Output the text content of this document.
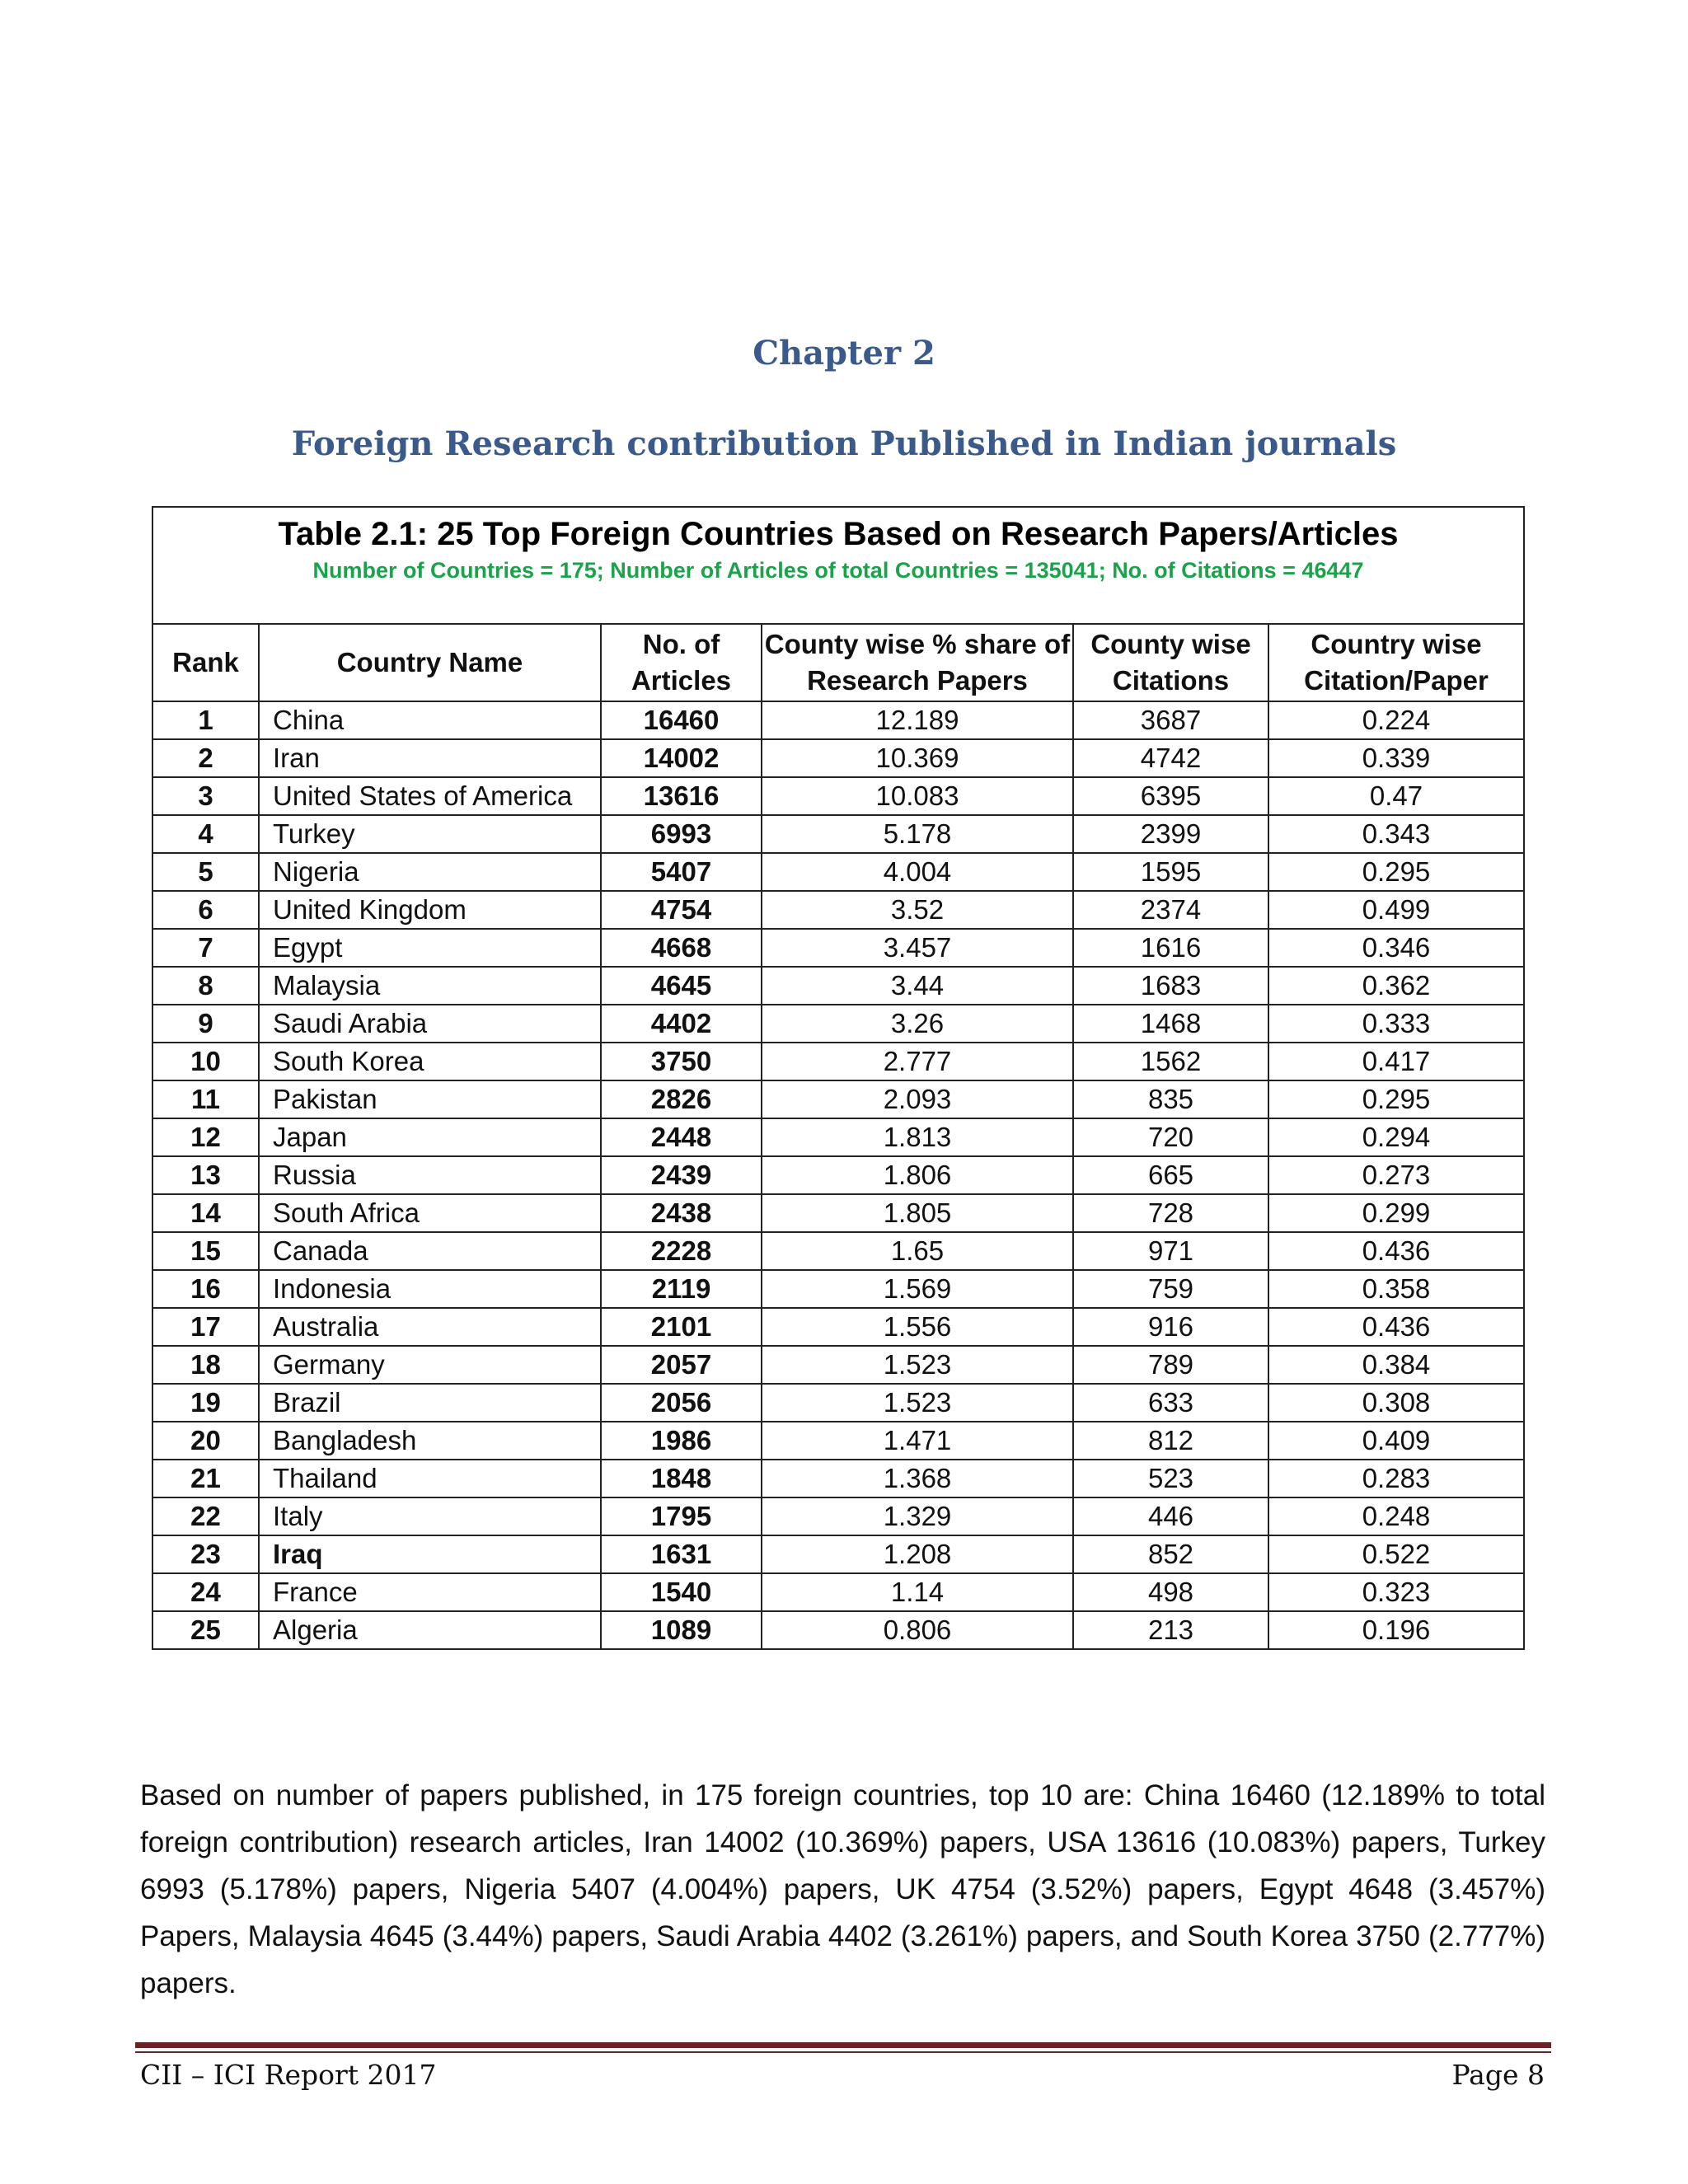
Chapter 2
Foreign Research contribution Published in Indian journals
Table 2.1: 25 Top Foreign Countries Based on Research Papers/Articles
Number of Countries = 175; Number of Articles of total Countries = 135041; No. of Citations = 46447
Rank	Country Name	No. of Articles	County wise % share of Research Papers	County wise Citations	Country wise Citation/Paper
1	China	16460	12.189	3687	0.224
2	Iran	14002	10.369	4742	0.339
3	United States of America	13616	10.083	6395	0.47
4	Turkey	6993	5.178	2399	0.343
5	Nigeria	5407	4.004	1595	0.295
6	United Kingdom	4754	3.52	2374	0.499
7	Egypt	4668	3.457	1616	0.346
8	Malaysia	4645	3.44	1683	0.362
9	Saudi Arabia	4402	3.26	1468	0.333
10	South Korea	3750	2.777	1562	0.417
11	Pakistan	2826	2.093	835	0.295
12	Japan	2448	1.813	720	0.294
13	Russia	2439	1.806	665	0.273
14	South Africa	2438	1.805	728	0.299
15	Canada	2228	1.65	971	0.436
16	Indonesia	2119	1.569	759	0.358
17	Australia	2101	1.556	916	0.436
18	Germany	2057	1.523	789	0.384
19	Brazil	2056	1.523	633	0.308
20	Bangladesh	1986	1.471	812	0.409
21	Thailand	1848	1.368	523	0.283
22	Italy	1795	1.329	446	0.248
23	Iraq	1631	1.208	852	0.522
24	France	1540	1.14	498	0.323
25	Algeria	1089	0.806	213	0.196
Based on number of papers published, in 175 foreign countries, top 10 are: China 16460 (12.189% to total foreign contribution) research articles, Iran 14002 (10.369%) papers, USA 13616 (10.083%) papers, Turkey 6993 (5.178%) papers, Nigeria 5407 (4.004%) papers, UK 4754 (3.52%) papers, Egypt 4648 (3.457%) Papers, Malaysia 4645 (3.44%) papers, Saudi Arabia 4402 (3.261%) papers, and South Korea 3750 (2.777%) papers.
CII – ICI Report 2017	Page 8
